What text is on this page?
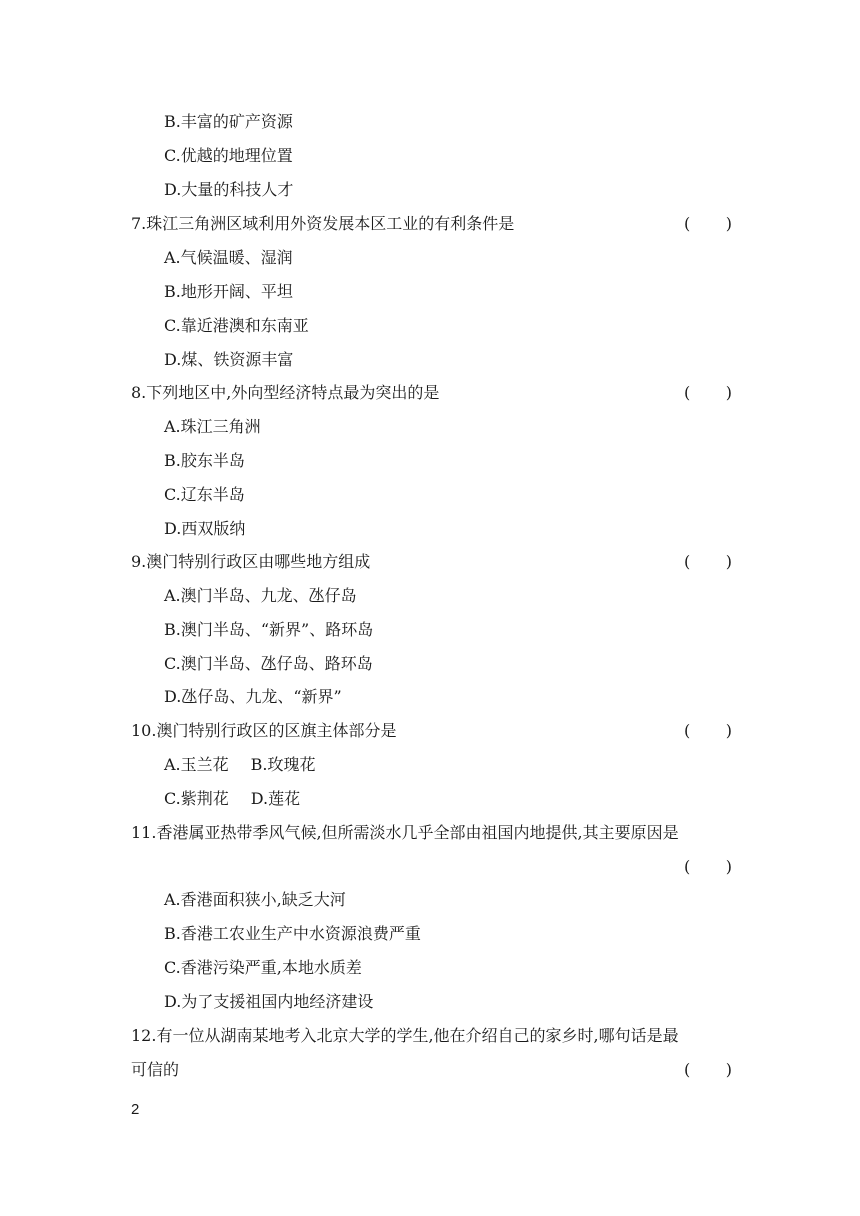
B.丰富的矿产资源
C.优越的地理位置
D.大量的科技人才
7.珠江三角洲区域利用外资发展本区工业的有利条件是	( )
A.气候温暖、湿润
B.地形开阔、平坦
C.靠近港澳和东南亚
D.煤、铁资源丰富
8.下列地区中,外向型经济特点最为突出的是	( )
A.珠江三角洲
B.胶东半岛
C.辽东半岛
D.西双版纳
9.澳门特别行政区由哪些地方组成	( )
A.澳门半岛、九龙、氹仔岛
B.澳门半岛、“新界”、路环岛
C.澳门半岛、氹仔岛、路环岛
D.氹仔岛、九龙、“新界”
10.澳门特别行政区的区旗主体部分是	( )
A.玉兰花 B.玫瑰花
C.紫荆花 D.莲花
11.香港属亚热带季风气候,但所需淡水几乎全部由祖国内地提供,其主要原因是
( )
A.香港面积狭小,缺乏大河
B.香港工农业生产中水资源浪费严重
C.香港污染严重,本地水质差
D.为了支援祖国内地经济建设
12.有一位从湖南某地考入北京大学的学生,他在介绍自己的家乡时,哪句话是最
可信的	( )
2
